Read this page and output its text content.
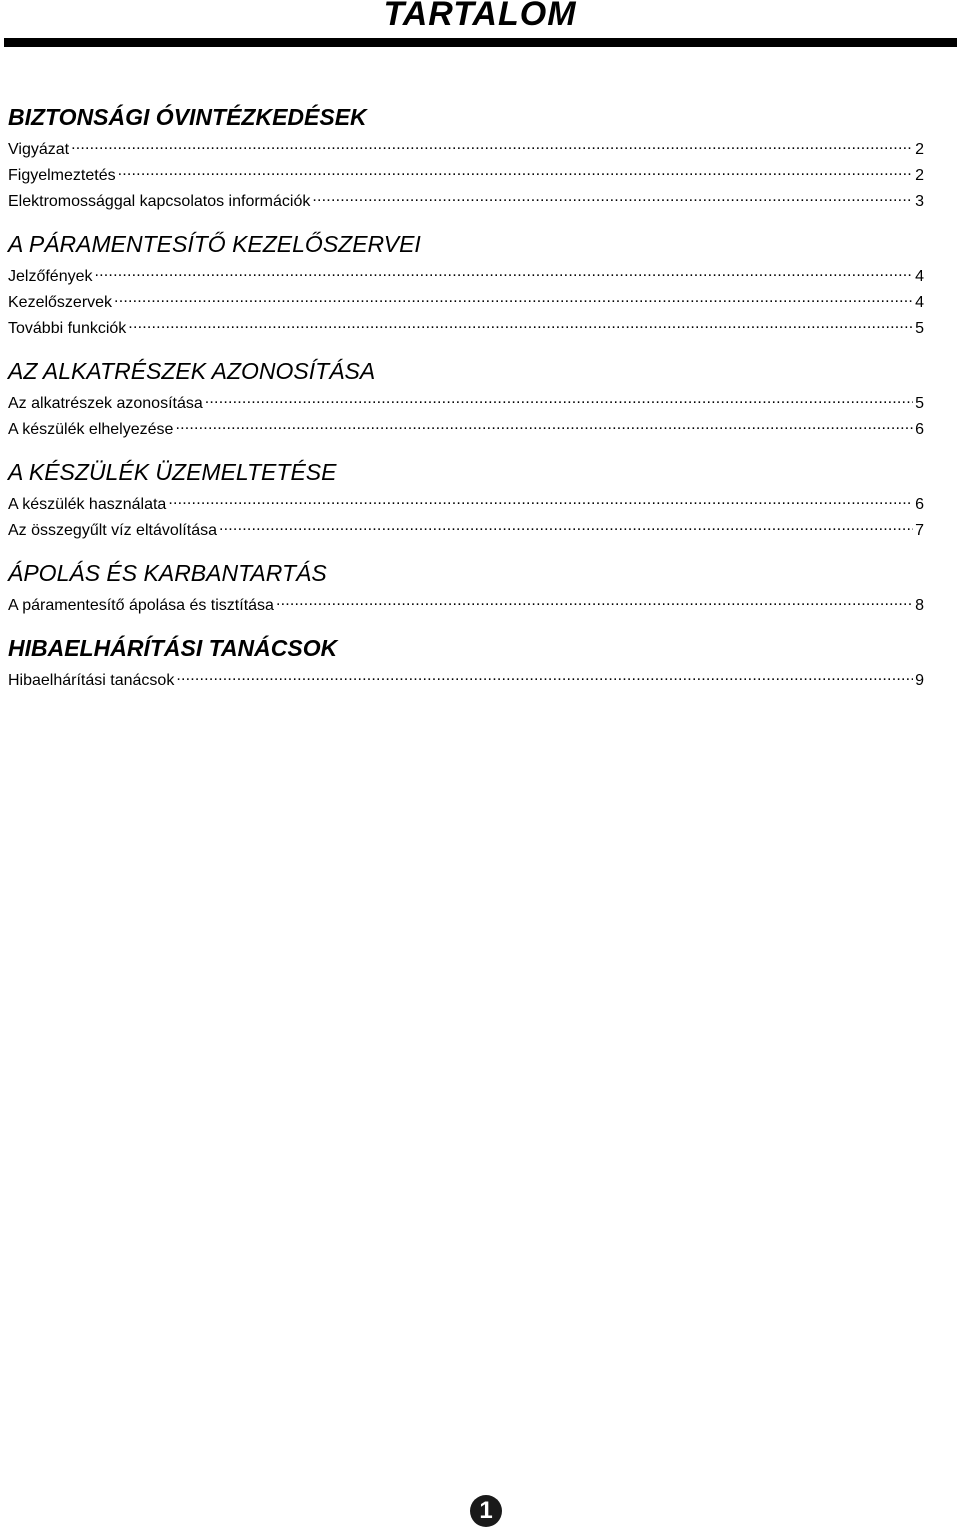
TARTALOM
BIZTONSÁGI ÓVINTÉZKEDÉSEK
Vigyázat .....	2
Figyelmeztetés .....	2
Elektromossággal kapcsolatos információk .....	3
A PÁRAMENTESÍTŐ KEZELŐSZERVEI
Jelzőfények .....	4
Kezelőszervek .....	4
További funkciók .....	5
AZ ALKATRÉSZEK AZONOSÍTÁSA
Az alkatrészek azonosítása .....	5
A készülék elhelyezése .....	6
A KÉSZÜLÉK ÜZEMELTETÉSE
A készülék használata .....	6
Az összegyűlt víz eltávolítása .....	7
ÁPOLÁS ÉS KARBANTARTÁS
A páramentesítő ápolása és tisztítása .....	8
HIBAELHÁRÍTÁSI TANÁCSOK
Hibaelhárítási tanácsok .....	9
1
